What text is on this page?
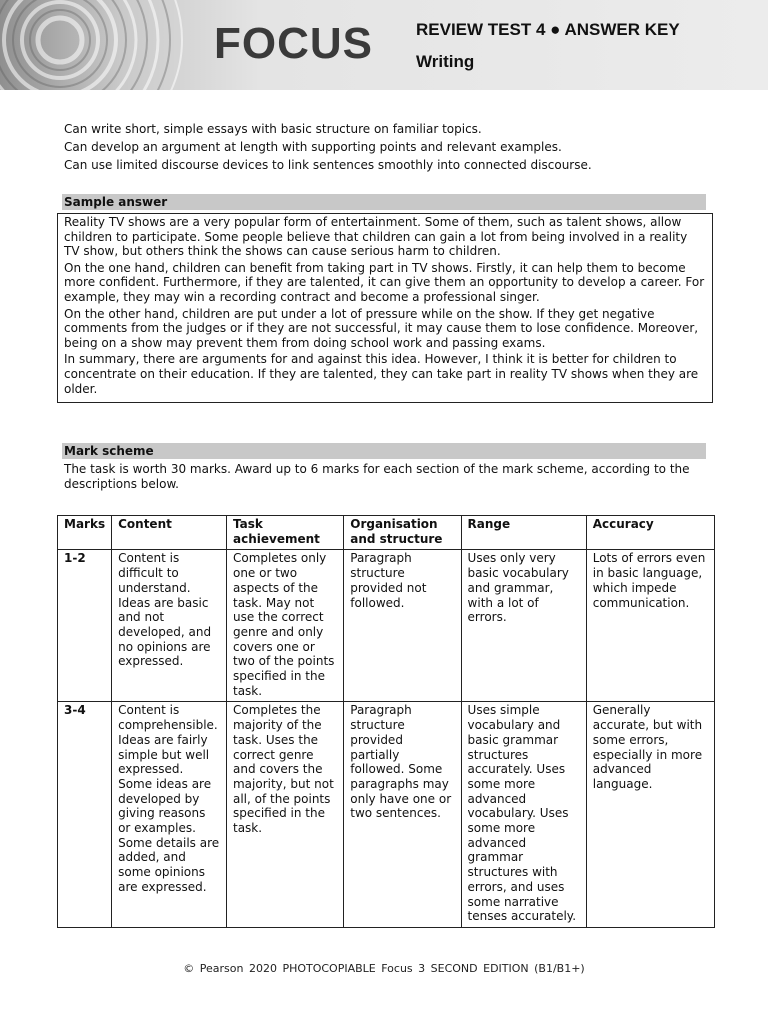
FOCUS	REVIEW TEST 4 ● ANSWER KEY
Writing
Can write short, simple essays with basic structure on familiar topics.
Can develop an argument at length with supporting points and relevant examples.
Can use limited discourse devices to link sentences smoothly into connected discourse.
Sample answer

Reality TV shows are a very popular form of entertainment. Some of them, such as talent shows, allow children to participate. Some people believe that children can gain a lot from being involved in a reality TV show, but others think the shows can cause serious harm to children.

On the one hand, children can benefit from taking part in TV shows. Firstly, it can help them to become more confident. Furthermore, if they are talented, it can give them an opportunity to develop a career. For example, they may win a recording contract and become a professional singer.

On the other hand, children are put under a lot of pressure while on the show. If they get negative comments from the judges or if they are not successful, it may cause them to lose confidence. Moreover, being on a show may prevent them from doing school work and passing exams.

In summary, there are arguments for and against this idea. However, I think it is better for children to concentrate on their education. If they are talented, they can take part in reality TV shows when they are older.

Mark scheme
The task is worth 30 marks. Award up to 6 marks for each section of the mark scheme, according to the descriptions below.
Marks	Content	Task achievement	Organisation and structure	Range	Accuracy
1-2	Content is difficult to understand. Ideas are basic and not developed, and no opinions are expressed.	Completes only one or two aspects of the task. May not use the correct genre and only covers one or two of the points specified in the task.	Paragraph structure provided not followed.	Uses only very basic vocabulary and grammar, with a lot of errors.	Lots of errors even in basic language, which impede communication.
3-4	Content is comprehensible. Ideas are fairly simple but well expressed. Some ideas are developed by giving reasons or examples. Some details are added, and some opinions are expressed.	Completes the majority of the task. Uses the correct genre and covers the majority, but not all, of the points specified in the task.	Paragraph structure provided partially followed. Some paragraphs may only have one or two sentences.	Uses simple vocabulary and basic grammar structures accurately. Uses some more advanced vocabulary. Uses some more advanced grammar structures with errors, and uses some narrative tenses accurately.	Generally accurate, but with some errors, especially in more advanced language.
© Pearson 2020 PHOTOCOPIABLE Focus 3 SECOND EDITION (B1/B1+)
